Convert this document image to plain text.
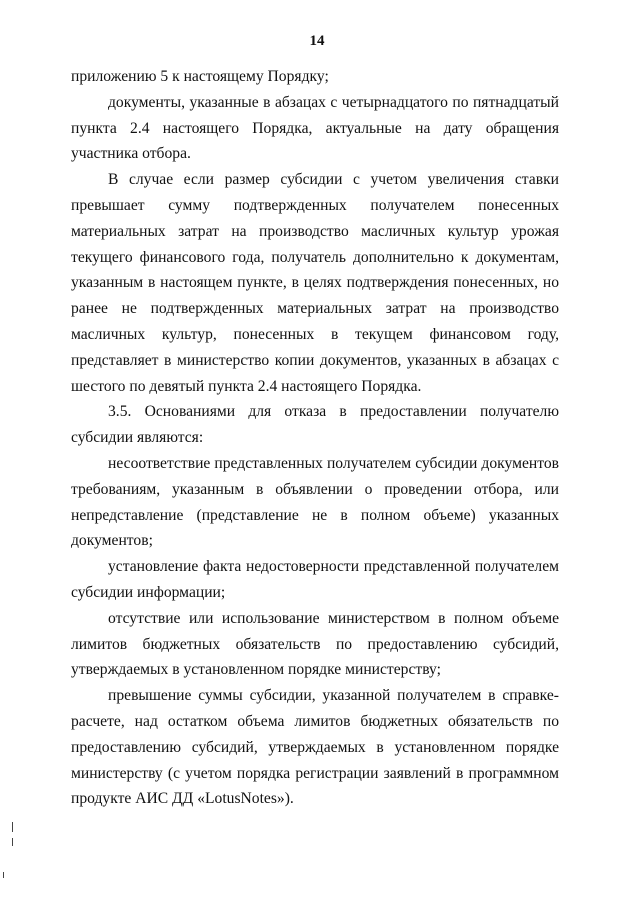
14

приложению 5 к настоящему Порядку;

документы, указанные в абзацах с четырнадцатого по пятнадцатый пункта 2.4 настоящего Порядка, актуальные на дату обращения участника отбора.

В случае если размер субсидии с учетом увеличения ставки превышает сумму подтвержденных получателем понесенных материальных затрат на производство масличных культур урожая текущего финансового года, получатель дополнительно к документам, указанным в настоящем пункте, в целях подтверждения понесенных, но ранее не подтвержденных материальных затрат на производство масличных культур, понесенных в текущем финансовом году, представляет в министерство копии документов, указанных в абзацах с шестого по девятый пункта 2.4 настоящего Порядка.

3.5. Основаниями для отказа в предоставлении получателю субсидии являются:

несоответствие представленных получателем субсидии документов требованиям, указанным в объявлении о проведении отбора, или непредставление (представление не в полном объеме) указанных документов;

установление факта недостоверности представленной получателем субсидии информации;

отсутствие или использование министерством в полном объеме лимитов бюджетных обязательств по предоставлению субсидий, утверждаемых в установленном порядке министерству;

превышение суммы субсидии, указанной получателем в справке-расчете, над остатком объема лимитов бюджетных обязательств по предоставлению субсидий, утверждаемых в установленном порядке министерству (с учетом порядка регистрации заявлений в программном продукте АИС ДД «LotusNotes»).
